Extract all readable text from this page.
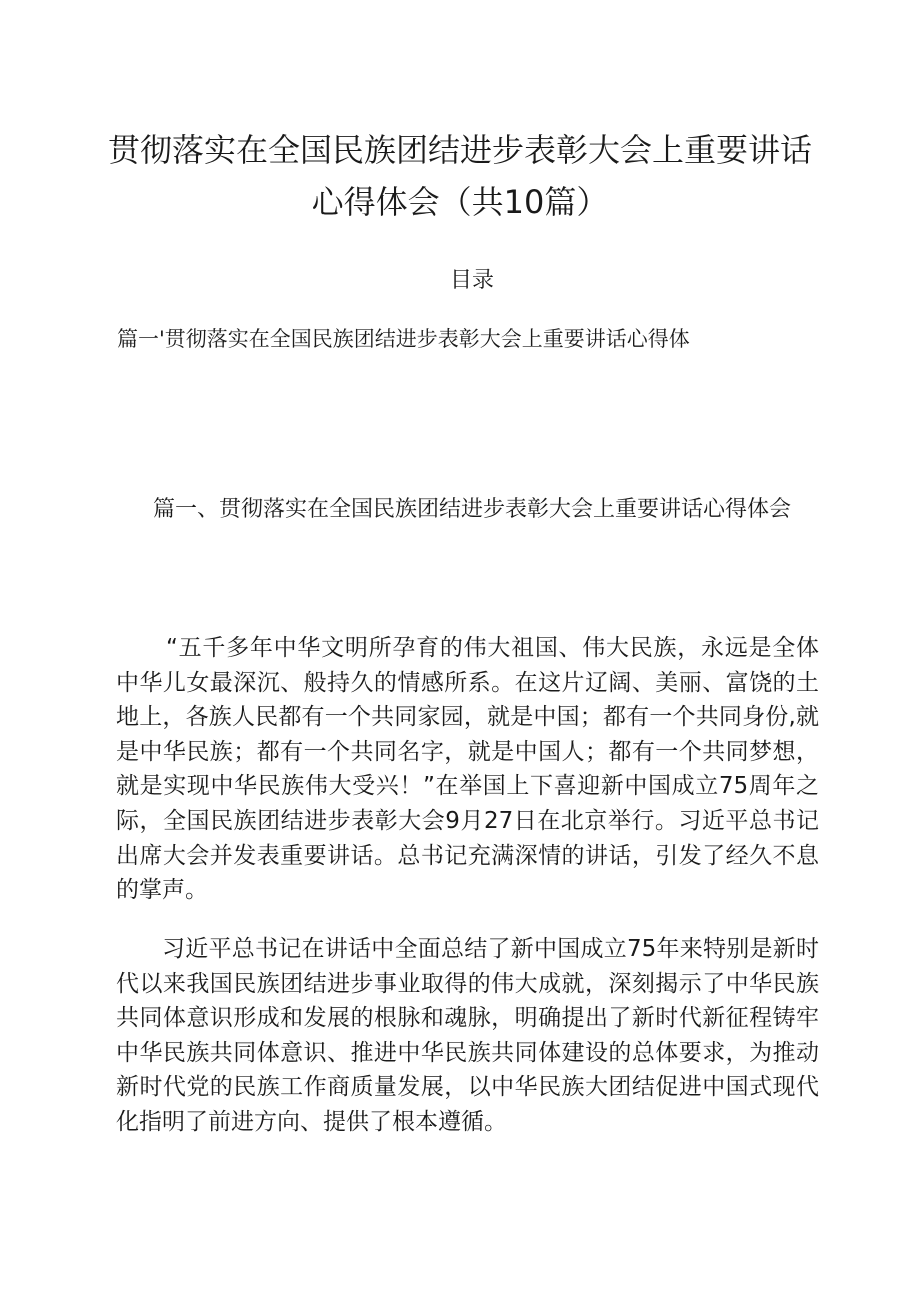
贯彻落实在全国民族团结进步表彰大会上重要讲话心得体会（共10篇）
目录
篇一'贯彻落实在全国民族团结进步表彰大会上重要讲话心得体
篇一、贯彻落实在全国民族团结进步表彰大会上重要讲话心得体会

“五千多年中华文明所孕育的伟大祖国、伟大民族，永远是全体中华儿女最深沉、般持久的情感所系。在这片辽阔、美丽、富饶的土地上，各族人民都有一个共同家园，就是中国；都有一个共同身份,就是中华民族；都有一个共同名字，就是中国人；都有一个共同梦想，就是实现中华民族伟大受兴！”在举国上下喜迎新中国成立75周年之际，全国民族团结进步表彰大会9月27日在北京举行。习近平总书记出席大会并发表重要讲话。总书记充满深情的讲话，引发了经久不息的掌声。

习近平总书记在讲话中全面总结了新中国成立75年来特别是新时代以来我国民族团结进步事业取得的伟大成就，深刻揭示了中华民族共同体意识形成和发展的根脉和魂脉，明确提出了新时代新征程铸牢中华民族共同体意识、推进中华民族共同体建设的总体要求，为推动新时代党的民族工作商质量发展，以中华民族大团结促进中国式现代化指明了前进方向、提供了根本遵循。
